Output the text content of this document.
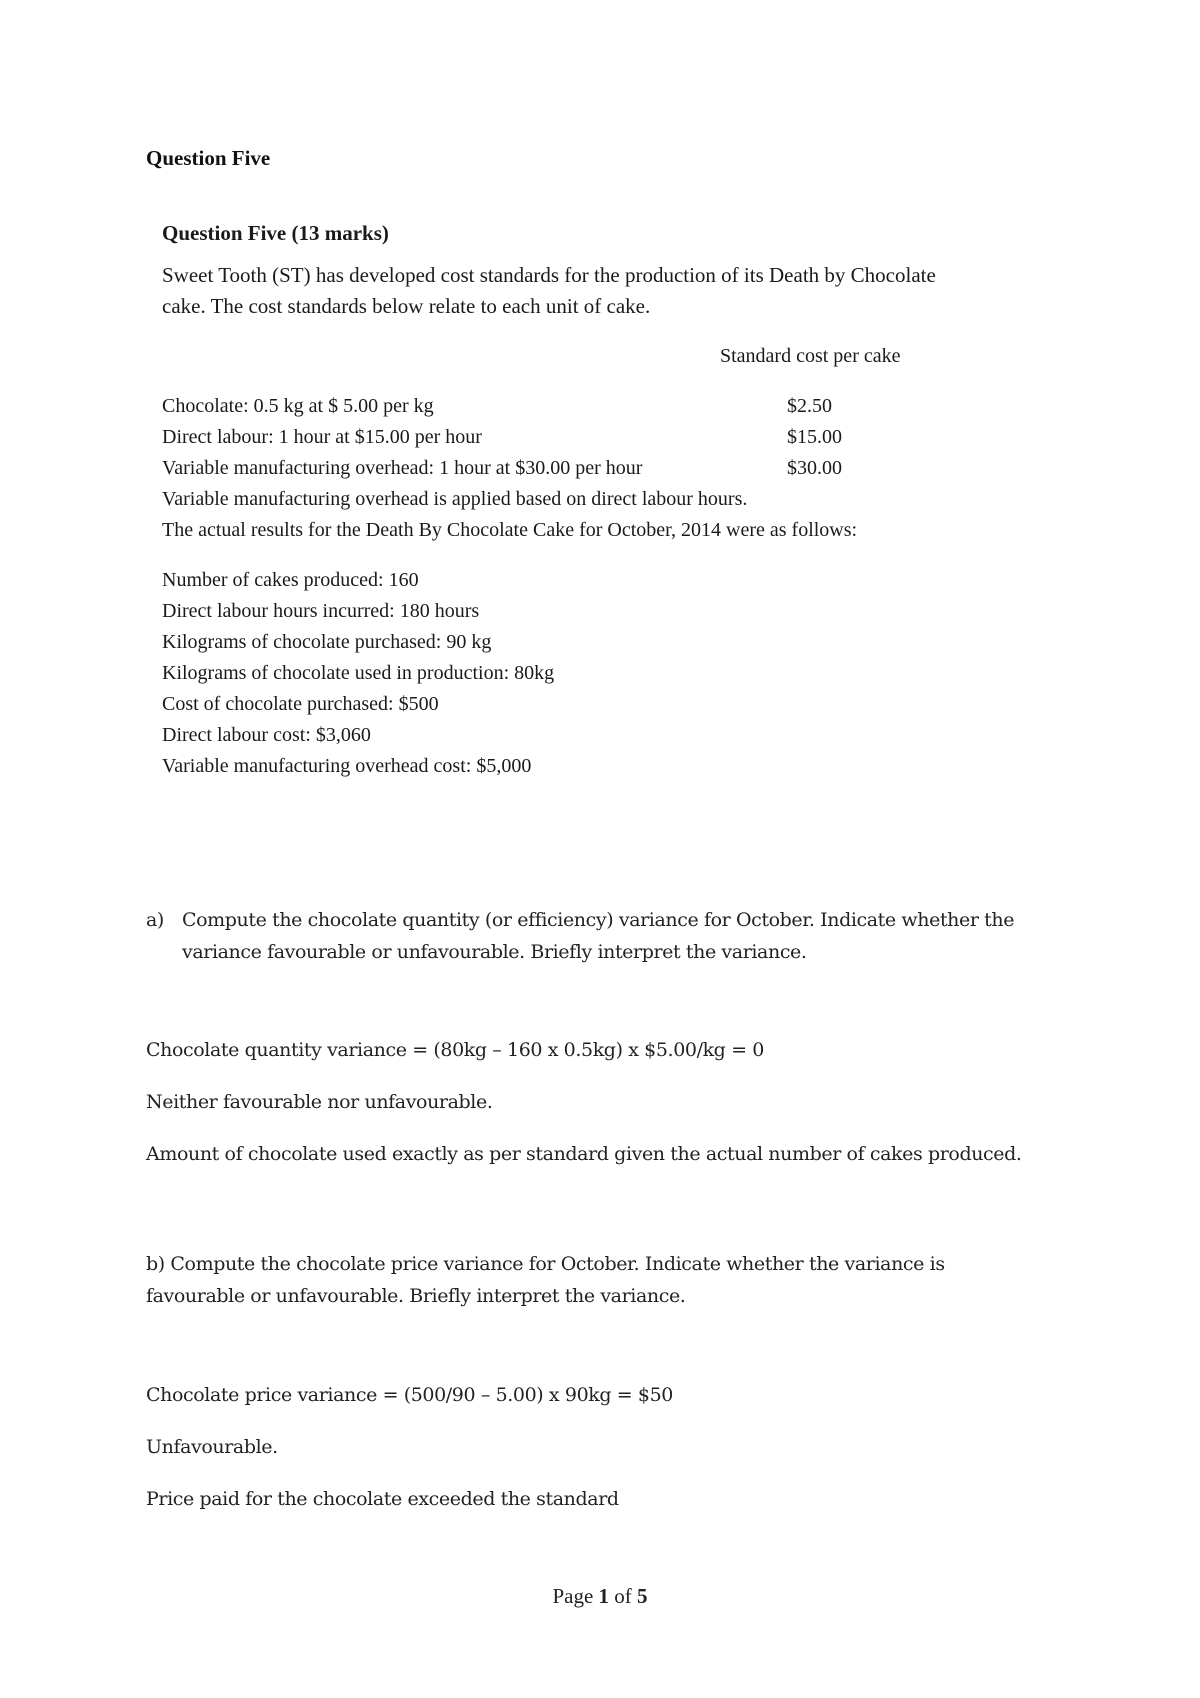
Question Five
Question Five (13 marks)

Sweet Tooth (ST) has developed cost standards for the production of its Death by Chocolate

cake. The cost standards below relate to each unit of cake.

Standard cost per cake
Chocolate: 0.5 kg at $ 5.00 per kg	$2.50
Direct labour: 1 hour at $15.00 per hour	$15.00
Variable manufacturing overhead: 1 hour at $30.00 per hour	$30.00

Variable manufacturing overhead is applied based on direct labour hours.

The actual results for the Death By Chocolate Cake for October, 2014 were as follows:

Number of cakes produced: 160
Direct labour hours incurred: 180 hours
Kilograms of chocolate purchased: 90 kg
Kilograms of chocolate used in production: 80kg
Cost of chocolate purchased: $500
Direct labour cost: $3,060
Variable manufacturing overhead cost: $5,000
a) Compute the chocolate quantity (or efficiency) variance for October. Indicate whether the
variance favourable or unfavourable. Briefly interpret the variance.
Chocolate quantity variance = (80kg – 160 x 0.5kg) x $5.00/kg = 0
Neither favourable nor unfavourable.
Amount of chocolate used exactly as per standard given the actual number of cakes produced.
b) Compute the chocolate price variance for October. Indicate whether the variance is
favourable or unfavourable. Briefly interpret the variance.
Chocolate price variance = (500/90 – 5.00) x 90kg = $50
Unfavourable.
Price paid for the chocolate exceeded the standard
Page 1 of 5
